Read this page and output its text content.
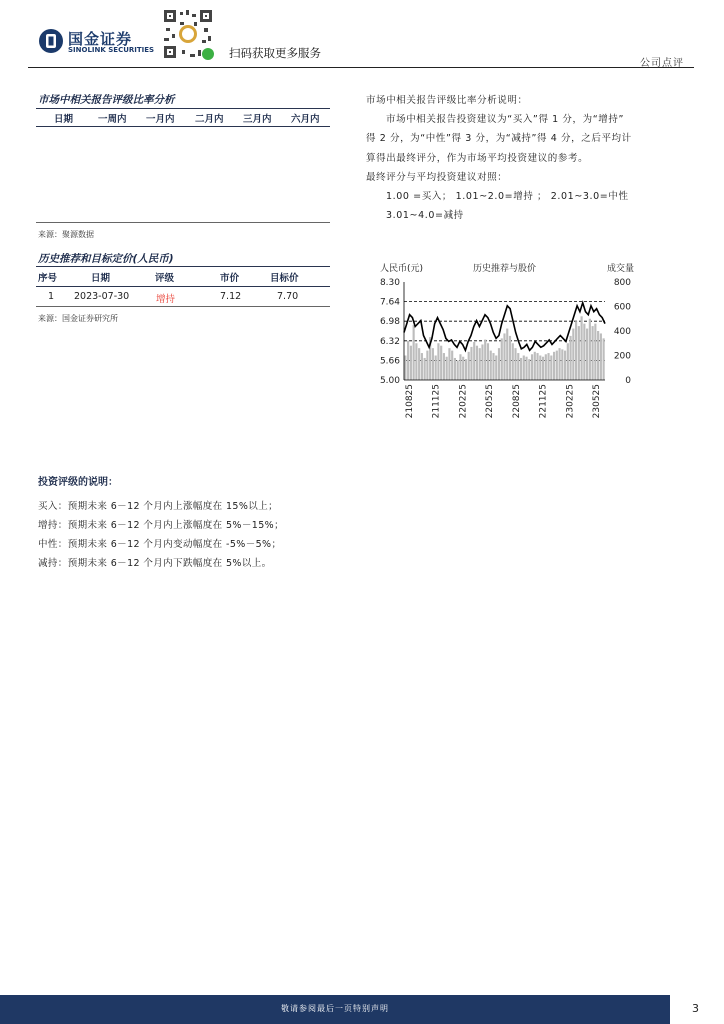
国金证券
SINOLINK SECURITIES	扫码获取更多服务
公司点评
市场中相关报告评级比率分析
日期	一周内 一月内 二月内 三月内 六月内
来源：聚源数据
市场中相关报告评级比率分析说明：
市场中相关报告投资建议为“买入”得 1 分，为“增持”
得 2 分，为“中性”得 3 分，为“减持”得 4 分，之后平均计
算得出最终评分，作为市场平均投资建议的参考。
最终评分与平均投资建议对照：
1.00 =买入； 1.01~2.0=增持 ； 2.01~3.0=中性
3.01~4.0=减持
历史推荐和目标定价(人民币)
序号	日期	评级	市价	目标价
1 2023-07-30	增持	7.12	7.70
来源：国金证券研究所
人民币(元)	历史推荐与股价	成交量
8.30
7.64
6.98
6.32
5.66
5.00
800
600
400
200
0
210825 211125 220225 220525 220825 221125 230225 230525
投资评级的说明：
买入：预期未来 6－12 个月内上涨幅度在 15%以上；
增持：预期未来 6－12 个月内上涨幅度在 5%－15%；
中性：预期未来 6－12 个月内变动幅度在 -5%－5%；
减持：预期未来 6－12 个月内下跌幅度在 5%以上。
敬请参阅最后一页特别声明	3
